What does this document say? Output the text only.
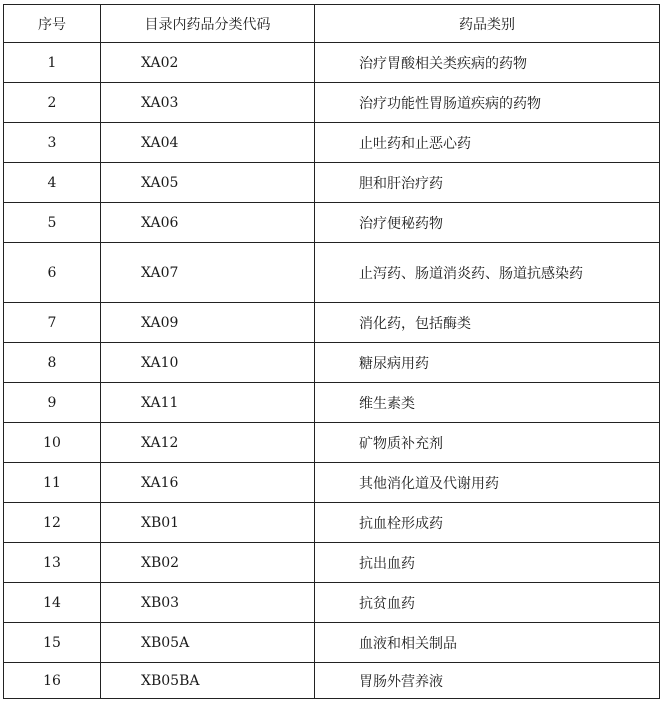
序号	目录内药品分类代码	药品类别
1	XA02	治疗胃酸相关类疾病的药物
2	XA03	治疗功能性胃肠道疾病的药物
3	XA04	止吐药和止恶心药
4	XA05	胆和肝治疗药
5	XA06	治疗便秘药物
6	XA07	止泻药、肠道消炎药、肠道抗感染药
7	XA09	消化药，包括酶类
8	XA10	糖尿病用药
9	XA11	维生素类
10	XA12	矿物质补充剂
11	XA16	其他消化道及代谢用药
12	XB01	抗血栓形成药
13	XB02	抗出血药
14	XB03	抗贫血药
15	XB05A	血液和相关制品
16	XB05BA	胃肠外营养液
